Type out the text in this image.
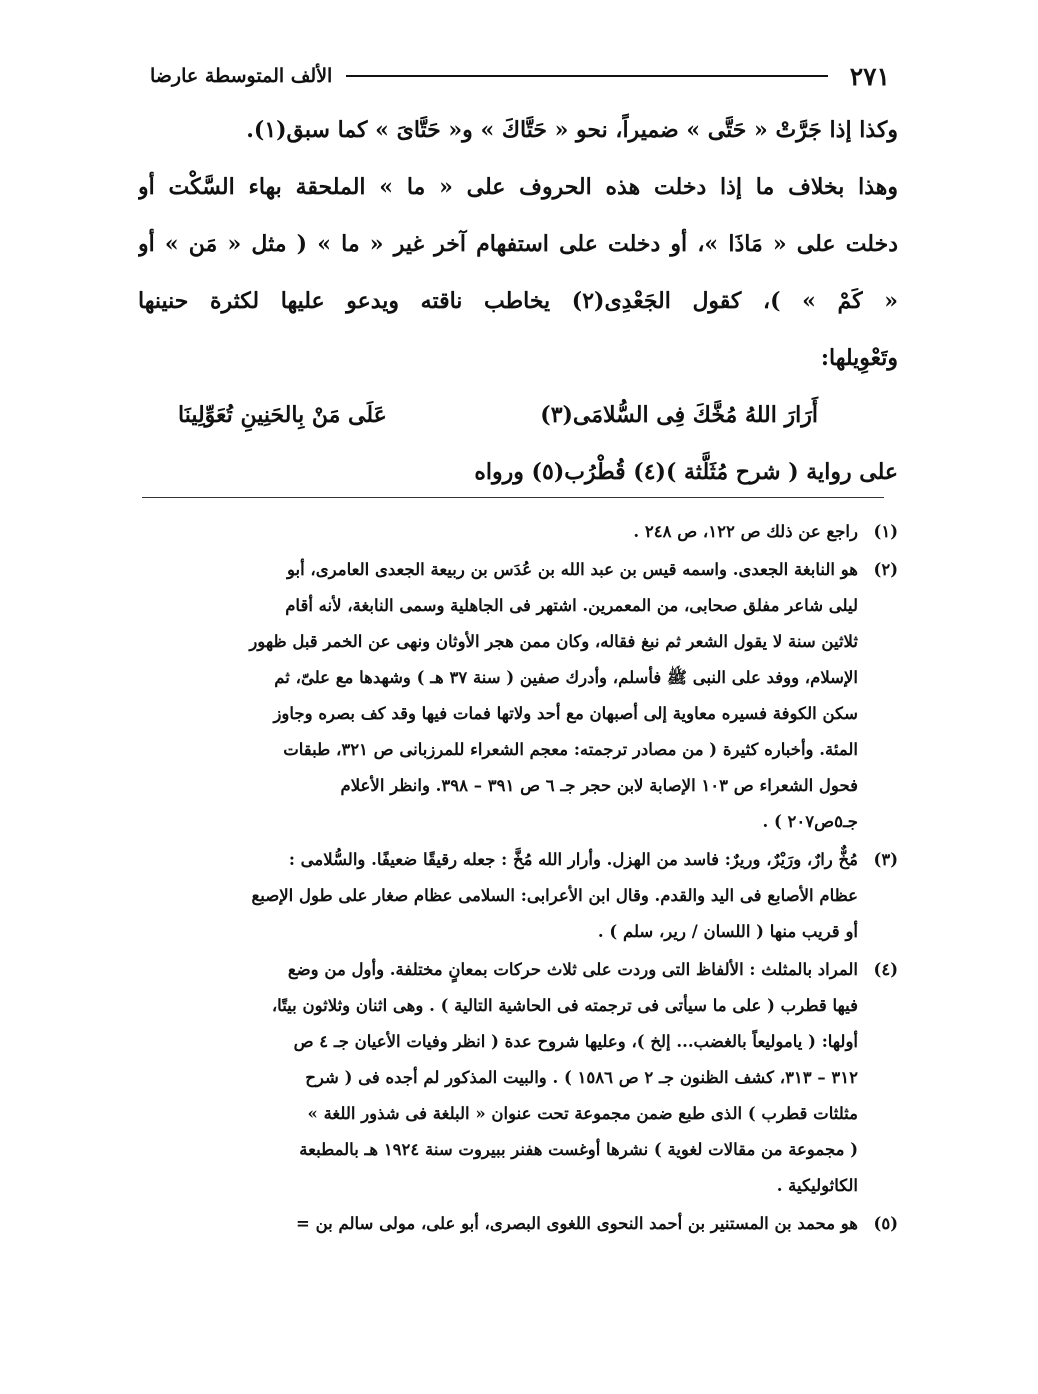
٢٧١
الألف المتوسطة عارضا
وكذا إذا جَرَّتْ « حَتَّى » ضميراً، نحو « حَتَّاكَ » و« حَتَّاىَ » كما سبق(١).
وهذا بخلاف ما إذا دخلت هذه الحروف على « ما » الملحقة بهاء السَّكْت أو
دخلت على « مَاذَا »، أو دخلت على استفهام آخر غير « ما » ( مثل « مَن » أو
« كَمْ » )، كقول الجَعْدِى(٢) يخاطب ناقته ويدعو عليها لكثرة حنينها
وتَعْوِيلها:
أَرَارَ اللهُ مُخَّكَ فِى السُّلامَى(٣)
عَلَى مَنْ بِالحَنِينِ تُعَوِّلِينَا
على رواية ( شرح مُثَلَّثة )(٤) قُطْرُب(٥) ورواه
(١)
راجع عن ذلك ص ١٢٢، ص ٢٤٨ .
(٢)
هو النابغة الجعدى. واسمه قيس بن عبد الله بن عُدَس بن ربيعة الجعدى العامرى، أبو
ليلى شاعر مفلق صحابى، من المعمرين. اشتهر فى الجاهلية وسمى النابغة، لأنه أقام
ثلاثين سنة لا يقول الشعر ثم نبغ فقاله، وكان ممن هجر الأوثان ونهى عن الخمر قبل ظهور
الإسلام، ووفد على النبى ﷺ فأسلم، وأدرك صفين ( سنة ٣٧ هـ ) وشهدها مع علىّ، ثم
سكن الكوفة فسيره معاوية إلى أصبهان مع أحد ولاتها فمات فيها وقد كف بصره وجاوز
المئة. وأخباره كثيرة ( من مصادر ترجمته: معجم الشعراء للمرزبانى ص ٣٢١، طبقات
فحول الشعراء ص ١٠٣ الإصابة لابن حجر جـ ٦ ص ٣٩١ – ٣٩٨. وانظر الأعلام
جـ٥ص٢٠٧ ) .
(٣)
مُخٌّ رارٌ، ورَيْرٌ، وريرٌ: فاسد من الهزل. وأرار الله مُخَّ : جعله رقيقًا ضعيفًا. والسُّلامى :
عظام الأصابع فى اليد والقدم. وقال ابن الأعرابى: السلامى عظام صغار على طول الإصبع
أو قريب منها ( اللسان / رير، سلم ) .
(٤)
المراد بالمثلث : الألفاظ التى وردت على ثلاث حركات بمعانٍ مختلفة. وأول من وضع
فيها قطرب ( على ما سيأتى فى ترجمته فى الحاشية التالية ) . وهى اثنان وثلاثون بيتًا،
أولها: ( ياموليعاً بالغضب... إلخ )، وعليها شروح عدة ( انظر وفيات الأعيان جـ ٤ ص
٣١٢ – ٣١٣، كشف الظنون جـ ٢ ص ١٥٨٦ ) . والبيت المذكور لم أجده فى ( شرح
مثلثات قطرب ) الذى طبع ضمن مجموعة تحت عنوان « البلغة فى شذور اللغة »
( مجموعة من مقالات لغوية ) نشرها أوغست هفنر ببيروت سنة ١٩٢٤ هـ بالمطبعة
الكاثوليكية .
(٥)
هو محمد بن المستنير بن أحمد النحوى اللغوى البصرى، أبو على، مولى سالم بن =
